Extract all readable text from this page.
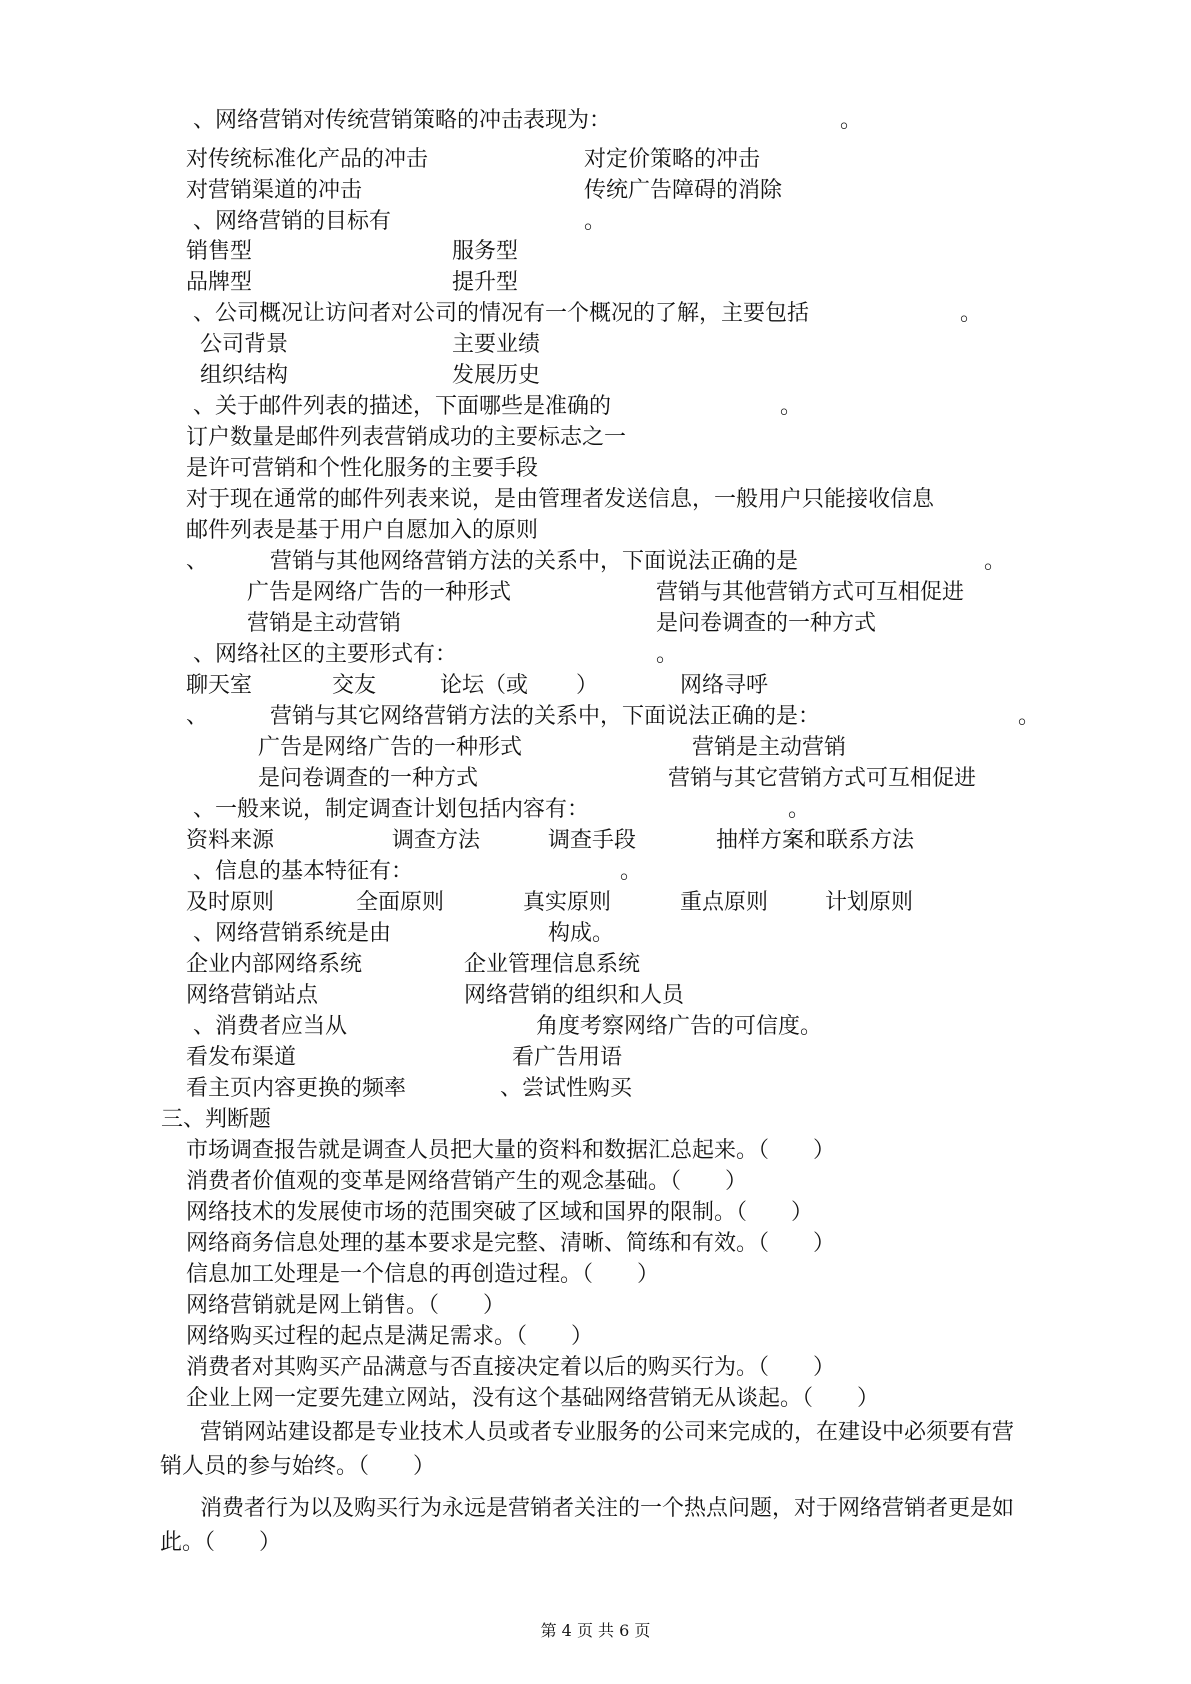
、网络营销对传统营销策略的冲击表现为：	。
对传统标准化产品的冲击	对定价策略的冲击
对营销渠道的冲击	传统广告障碍的消除
、网络营销的目标有	。
销售型	服务型
品牌型	提升型
、公司概况让访问者对公司的情况有一个概况的了解，主要包括	。
公司背景	主要业绩
组织结构	发展历史
、关于邮件列表的描述，下面哪些是准确的	。
订户数量是邮件列表营销成功的主要标志之一
是许可营销和个性化服务的主要手段
对于现在通常的邮件列表来说，是由管理者发送信息，一般用户只能接收信息
邮件列表是基于用户自愿加入的原则
、	营销与其他网络营销方法的关系中，下面说法正确的是	。
广告是网络广告的一种形式	营销与其他营销方式可互相促进
营销是主动营销	是问卷调查的一种方式
、网络社区的主要形式有：	。
聊天室	交友	论坛（或 ）	网络寻呼
、	营销与其它网络营销方法的关系中，下面说法正确的是：	。
广告是网络广告的一种形式	营销是主动营销
是问卷调查的一种方式	营销与其它营销方式可互相促进
、一般来说，制定调查计划包括内容有：	。
资料来源	调查方法	调查手段	抽样方案和联系方法
、信息的基本特征有：	。
及时原则	全面原则	真实原则	重点原则	计划原则
、网络营销系统是由	构成。
企业内部网络系统	企业管理信息系统
网络营销站点	网络营销的组织和人员
、消费者应当从	角度考察网络广告的可信度。
看发布渠道	看广告用语
看主页内容更换的频率	、尝试性购买
三、判断题
市场调查报告就是调查人员把大量的资料和数据汇总起来。（　　）
消费者价值观的变革是网络营销产生的观念基础。（　　）
网络技术的发展使市场的范围突破了区域和国界的限制。（　　）
网络商务信息处理的基本要求是完整、清晰、简练和有效。（　　）
信息加工处理是一个信息的再创造过程。（　　）
网络营销就是网上销售。（　　）
网络购买过程的起点是满足需求。（　　）
消费者对其购买产品满意与否直接决定着以后的购买行为。（　　）
企业上网一定要先建立网站，没有这个基础网络营销无从谈起。（　　）
营销网站建设都是专业技术人员或者专业服务的公司来完成的，在建设中必须要有营
销人员的参与始终。（　　）
消费者行为以及购买行为永远是营销者关注的一个热点问题，对于网络营销者更是如
此。（　　）
第 4 页 共 6 页
